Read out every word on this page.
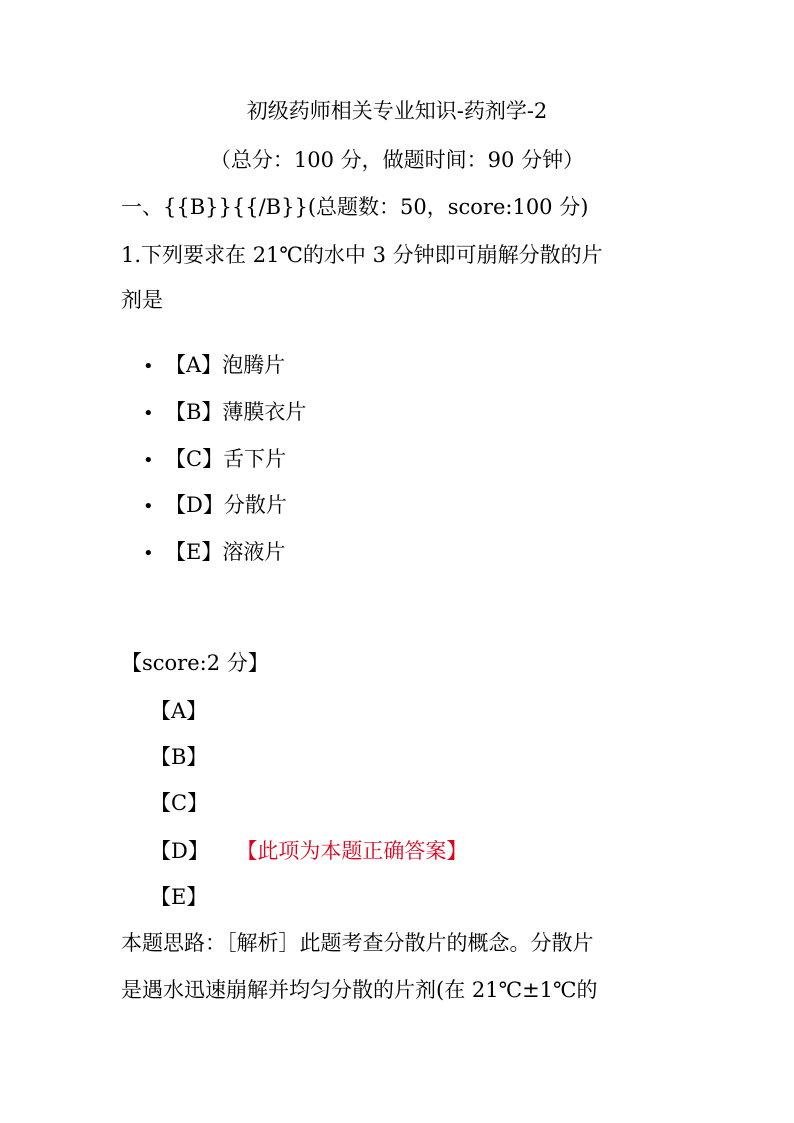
初级药师相关专业知识-药剂学-2
（总分：100 分，做题时间：90 分钟）
一、{{B}}{{/B}}(总题数：50，score:100 分)
1.下列要求在 21℃的水中 3 分钟即可崩解分散的片
剂是
• 【A】泡腾片
• 【B】薄膜衣片
• 【C】舌下片
• 【D】分散片
• 【E】溶液片
【score:2 分】
【A】
【B】
【C】
【D】 【此项为本题正确答案】
【E】
本题思路：［解析］此题考查分散片的概念。分散片
是遇水迅速崩解并均匀分散的片剂(在 21℃±1℃的
